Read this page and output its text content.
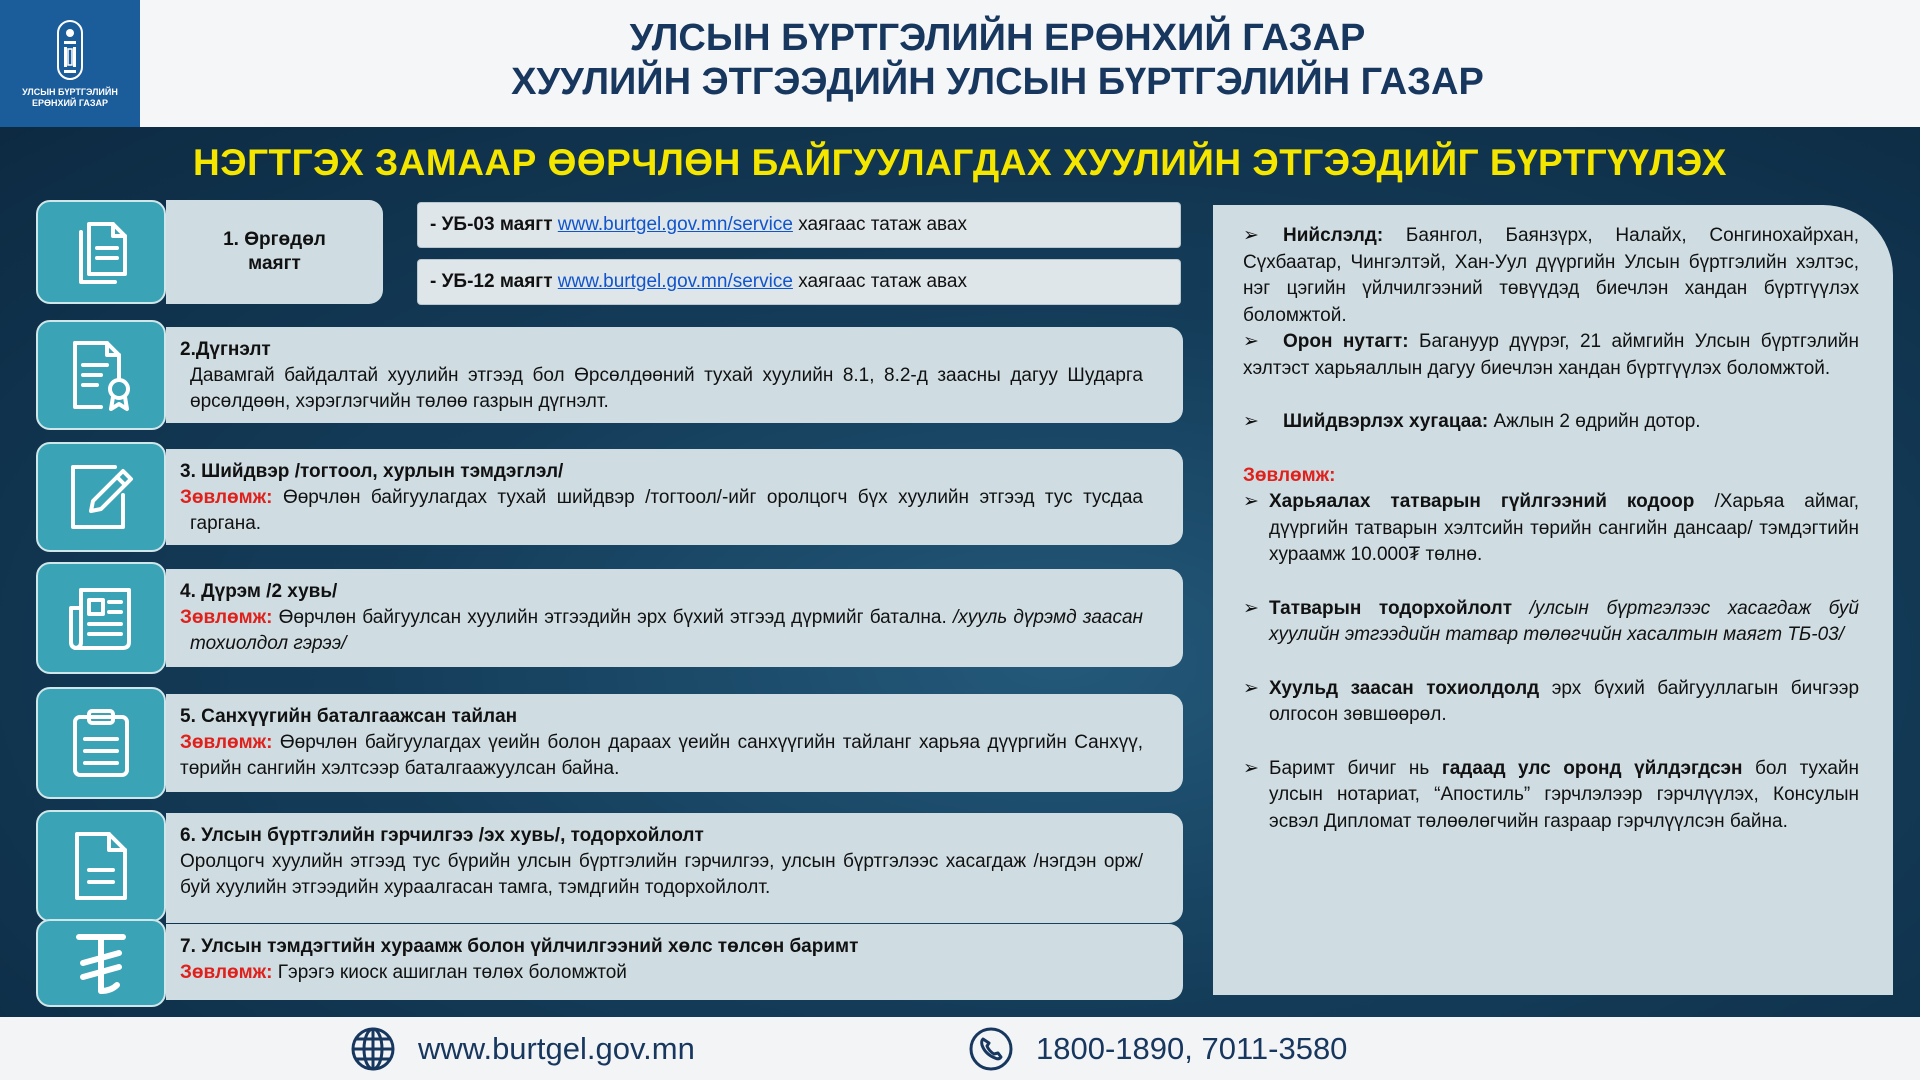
УЛСЫН БҮРТГЭЛИЙН
ЕРӨНХИЙ ГАЗАР
УЛСЫН БҮРТГЭЛИЙН ЕРӨНХИЙ ГАЗАР
ХУУЛИЙН ЭТГЭЭДИЙН УЛСЫН БҮРТГЭЛИЙН ГАЗАР
НЭГТГЭХ ЗАМААР ӨӨРЧЛӨН БАЙГУУЛАГДАХ ХУУЛИЙН ЭТГЭЭДИЙГ БҮРТГҮҮЛЭХ
1. Өргөдөл
маягт
- УБ-03 маягт
www.burtgel.gov.mn/service
хаягаас татаж авах
- УБ-12 маягт
www.burtgel.gov.mn/service
хаягаас татаж авах
2.Дүгнэлт
Давамгай байдалтай хуулийн этгээд бол Өрсөлдөөний тухай хуулийн 8.1, 8.2-д заасны дагуу Шударга өрсөлдөөн, хэрэглэгчийн төлөө газрын дүгнэлт.
3. Шийдвэр /тогтоол, хурлын тэмдэглэл/
Зөвлөмж: Өөрчлөн байгуулагдах тухай шийдвэр /тогтоол/-ийг оролцогч бүх хуулийн этгээд тус тусдаа гаргана.
4. Дүрэм /2 хувь/
Зөвлөмж: Өөрчлөн байгуулсан хуулийн этгээдийн эрх бүхий этгээд дүрмийг батална. /хууль дүрэмд заасан тохиолдол гэрээ/
5. Санхүүгийн баталгаажсан тайлан
Зөвлөмж: Өөрчлөн байгуулагдах үеийн болон дараах үеийн санхүүгийн тайланг харьяа дүүргийн Санхүү, төрийн сангийн хэлтсээр баталгаажуулсан байна.
6. Улсын бүртгэлийн гэрчилгээ /эх хувь/, тодорхойлолт
Оролцогч хуулийн этгээд тус бүрийн улсын бүртгэлийн гэрчилгээ, улсын бүртгэлээс хасагдаж /нэгдэн орж/ буй хуулийн этгээдийн хураалгасан тамга, тэмдгийн тодорхойлолт.
7. Улсын тэмдэгтийн хураамж болон үйлчилгээний хөлс төлсөн баримт
Зөвлөмж: Гэрэгэ киоск ашиглан төлөх боломжтой

➢ Нийслэлд: Баянгол, Баянзүрх, Налайх, Сонгинохайрхан, Сүхбаатар, Чингэлтэй, Хан-Уул дүүргийн Улсын бүртгэлийн хэлтэс, нэг цэгийн үйлчилгээний төвүүдэд биечлэн хандан бүртгүүлэх боломжтой.

➢ Орон нутагт: Багануур дүүрэг, 21 аймгийн Улсын бүртгэлийн хэлтэст харьяаллын дагуу биечлэн хандан бүртгүүлэх боломжтой.

➢ Шийдвэрлэх хугацаа: Ажлын 2 өдрийн дотор.

Зөвлөмж:

➢ Харьяалах татварын гүйлгээний кодоор /Харьяа аймаг, дүүргийн татварын хэлтсийн төрийн сангийн дансаар/ тэмдэгтийн хураамж 10.000₮ төлнө.

➢ Татварын тодорхойлолт /улсын бүртгэлээс хасагдаж буй хуулийн этгээдийн татвар төлөгчийн хасалтын маягт ТБ-03/

➢ Хуульд заасан тохиолдолд эрх бүхий байгууллагын бичгээр олгосон зөвшөөрөл.

➢ Баримт бичиг нь гадаад улс оронд үйлдэгдсэн бол тухайн улсын нотариат, “Апостиль” гэрчлэлээр гэрчлүүлэх, Консулын эсвэл Дипломат төлөөлөгчийн газраар гэрчлүүлсэн байна.

www.burtgel.gov.mn	1800-1890, 7011-3580
